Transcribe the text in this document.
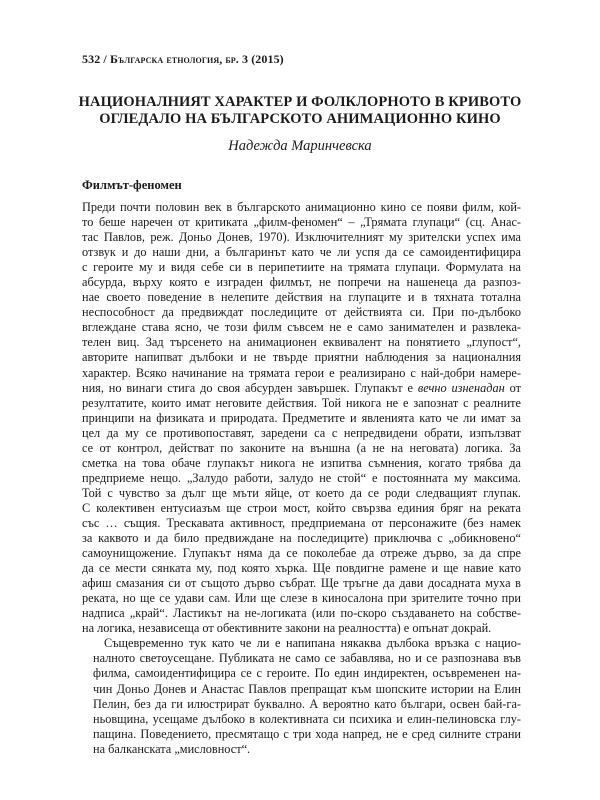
532 / Българска етнология, бр. 3 (2015)
НАЦИОНАЛНИЯТ ХАРАКТЕР И ФОЛКЛОРНОТО В КРИВОТО
ОГЛЕДАЛО НА БЪЛГАРСКОТО АНИМАЦИОННО КИНО

Надежда Маринчевска

Филмът-феномен

Преди почти половин век в българското анимационно кино се появи филм, кой-
то беше наречен от критиката „филм-феномен“ – „Трямата глупаци“ (сц. Анас-
тас Павлов, реж. Доньо Донев, 1970). Изключителният му зрителски успех има
отзвук и до наши дни, а българинът като че ли успя да се самоидентифицира
с героите му и видя себе си в перипетиите на трямата глупаци. Формулата на
абсурда, върху която е изграден филмът, не попречи на нашенеца да разпоз-
нае своето поведение в нелепите действия на глупаците и в тяхната тотална
неспособност да предвиждат последиците от действията си. При по-дълбоко
вглеждане става ясно, че този филм съвсем не е само занимателен и развлека-
телен виц. Зад търсенето на анимационен еквивалент на понятието „глупост“,
авторите напипват дълбоки и не твърде приятни наблюдения за националния
характер. Всяко начинание на трямата герои е реализирано с най-добри намере-
ния, но винаги стига до своя абсурден завършек. Глупакът е вечно изненадан от
резултатите, които имат неговите действия. Той никога не е запознат с реалните
принципи на физиката и природата. Предметите и явленията като че ли имат за
цел да му се противопоставят, заредени са с непредвидени обрати, изпълзват
се от контрол, действат по законите на външна (а не на неговата) логика. За
сметка на това обаче глупакът никога не изпитва съмнения, когато трябва да
предприеме нещо. „Залудо работи, залудо не стой“ е постоянната му максима.
Той с чувство за дълг ще мъти яйце, от което да се роди следващият глупак.
С колективен ентусиазъм ще строи мост, който свързва единия бряг на реката
със … същия. Трескавата активност, предприемана от персонажите (без намек
за каквото и да било предвиждане на последиците) приключва с „обикновено“
самоунищожение. Глупакът няма да се поколебае да отреже дърво, за да спре
да се мести сянката му, под която хърка. Ще повдигне рамене и ще навие като
афиш смазания си от същото дърво събрат. Ще тръгне да дави досадната муха в
реката, но ще се удави сам. Или ще слезе в киносалона при зрителите точно при
надписа „край“. Ластикът на не-логиката (или по-скоро създаването на собстве-
на логика, независеща от обективните закони на реалността) е опънат докрай.

Същевременно тук като че ли е напипана някаква дълбока връзка с нацио-
налното светоусещане. Публиката не само се забавлява, но и се разпознава във
филма, самоидентифицира се с героите. По един индиректен, осъвременен на-
чин Доньо Донев и Анастас Павлов препращат към шопските истории на Елин
Пелин, без да ги илюстрират буквално. А вероятно като българи, освен бай-га-
ньовщина, усещаме дълбоко в колективната си психика и елин-пелиновска глу-
пащина. Поведението, пресмятащо с три хода напред, не е сред силните страни
на балканската „мисловност“.
